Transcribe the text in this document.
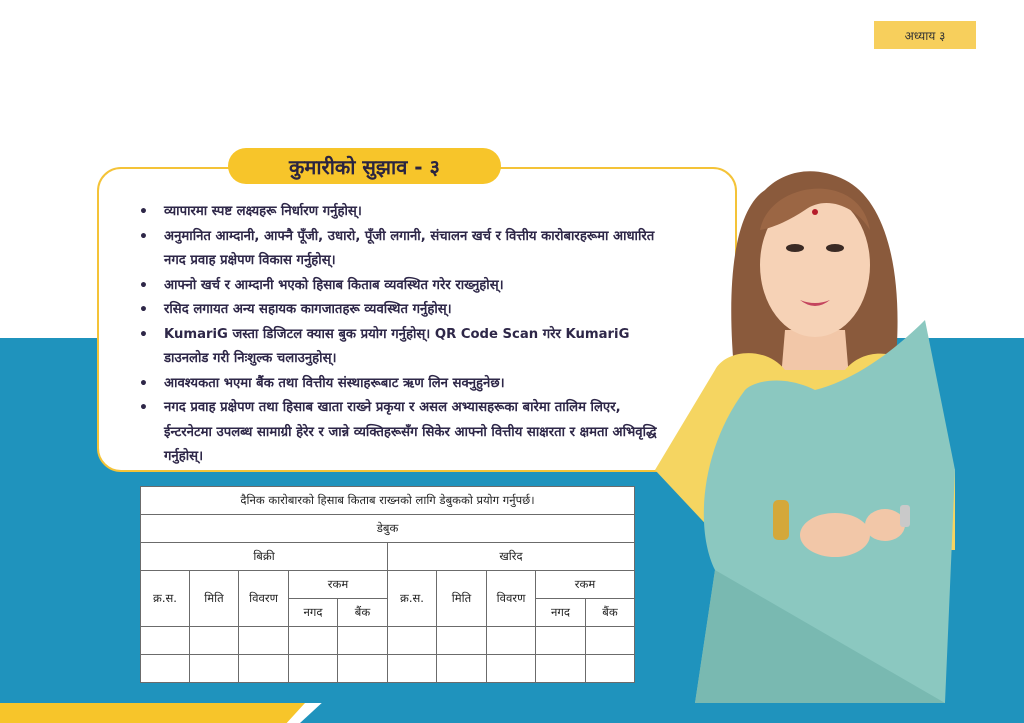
अध्याय ३
कुमारीको सुझाव - ३
• व्यापारमा स्पष्ट लक्ष्यहरू निर्धारण गर्नुहोस्।
• अनुमानित आम्दानी, आफ्नै पूँजी, उधारो, पूँजी लगानी, संचालन खर्च र वित्तीय कारोबारहरूमा आधारित नगद प्रवाह प्रक्षेपण विकास गर्नुहोस्।
• आफ्नो खर्च र आम्दानी भएको हिसाब किताब व्यवस्थित गरेर राख्नुहोस्।
• रसिद लगायत अन्य सहायक कागजातहरू व्यवस्थित गर्नुहोस्।
• KumariG जस्ता डिजिटल क्यास बुक प्रयोग गर्नुहोस्। QR Code Scan गरेर KumariG डाउनलोड गरी निःशुल्क चलाउनुहोस्।
• आवश्यकता भएमा बैंक तथा वित्तीय संस्थाहरूबाट ऋण लिन सक्नुहुनेछ।
• नगद प्रवाह प्रक्षेपण तथा हिसाब खाता राख्ने प्रकृया र असल अभ्यासहरूका बारेमा तालिम लिएर, ईन्टरनेटमा उपलब्ध सामाग्री हेरेर र जान्ने व्यक्तिहरूसँग सिकेर आफ्नो वित्तीय साक्षरता र क्षमता अभिवृद्धि गर्नुहोस्।
दैनिक कारोबारको हिसाब किताब राख्नको लागि डेबुकको प्रयोग गर्नुपर्छ।									
डेबुक									
बिक्री					खरिद				
क्र.स.	मिति	विवरण	रकम		क्र.स.	मिति	विवरण	रकम	
			नगद	बैंक				नगद	बैंक
